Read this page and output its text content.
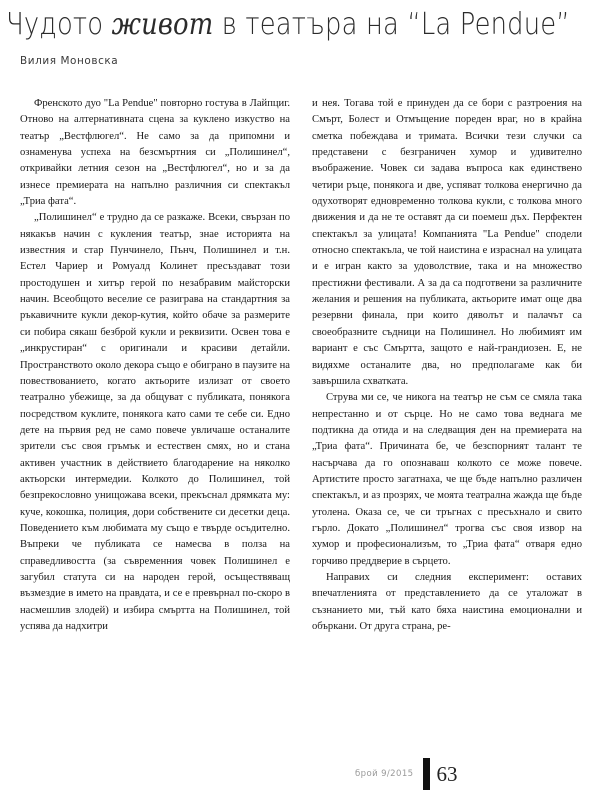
Чудото живот в театъра на “La Pendue”
Вилия Моновска

Френското дуо "La Pendue" повторно гостува в Лайпциг. Отново на алтернативната сцена за куклено изкуство на театър „Вестфлюгел“. Не само за да припомни и ознаменува успеха на безсмъртния си „Полишинел“, откривайки летния сезон на „Вестфлюгел“, но и за да изнесе премиерата на напълно различния си спектакъл „Триа фата“.

„Полишинел“ е трудно да се разкаже. Всеки, свързан по някакъв начин с кукления театър, знае историята на известния и стар Пунчинело, Пънч, Полишинел и т.н. Естел Чариер и Ромуалд Колинет пресъздават този простодушен и хитър герой по незабравим майсторски начин. Всеобщото веселие се разиграва на стандартния за ръкавичните кукли декор-кутия, който обаче за размерите си побира сякаш безброй кукли и реквизити. Освен това е „инкрустиран“ с оригинали и красиви детайли. Пространството около декора също е обиграно в паузите на повествованието, когато актьорите излизат от своето театрално убежище, за да общуват с публиката, понякога посредством куклите, понякога като сами те себе си. Едно дете на първия ред не само повече увличаше останалите зрители със своя гръмък и естествен смях, но и стана активен участник в действието благодарение на няколко актьорски интермедии. Колкото до Полишинел, той безпрекословно унищожава всеки, прекъснал дрямката му: куче, кокошка, полиция, дори собствените си десетки деца. Поведението към любимата му също е твърде осъдително. Въпреки че публиката се намесва в полза на справедливостта (за съвременния човек Полишинел е загубил статута си на народен герой, осъществяващ възмездие в името на правдата, и се е превърнал по-скоро в насмешлив злодей) и избира смъртта на Полишинел, той успява да надхитри

и нея. Тогава той е принуден да се бори с разтроения на Смърт, Болест и Отмъщение пореден враг, но в крайна сметка побеждава и тримата. Всички тези случки са представени с безграничен хумор и удивително въображение. Човек си задава въпроса как единствено четири ръце, понякога и две, успяват толкова енергично да одухотворят едновременно толкова кукли, с толкова много движения и да не те оставят да си поемеш дъх. Перфектен спектакъл за улицата! Компанията "La Pendue" сподели относно спектакъла, че той наистина е израснал на улицата и е игран както за удоволствие, така и на множество престижни фестивали. А за да са подготвени за различните желания и решения на публиката, актьорите имат още два резервни финала, при които дяволът и палачът са своеобразните съдници на Полишинел. Но любимият им вариант е със Смъртта, защото е най-грандиозен. Е, не видяхме останалите два, но предполагаме как би завършила схватката.

Струва ми се, че никога на театър не съм се смяла така непрестанно и от сърце. Но не само това веднага ме подтикна да отида и на следващия ден на премиерата на „Триа фата“. Причината бе, че безспорният талант те насърчава да го опознаваш колкото се може повече. Артистите просто загатнаха, че ще бъде напълно различен спектакъл, и аз прозрях, че моята театрална жажда ще бъде утолена. Оказа се, че си тръгнах с пресъхнало и свито гърло. Докато „Полишинел“ трогва със своя извор на хумор и професионализъм, то „Триа фата“ отваря едно горчиво преддверие в сърцето.

Направих си следния експеримент: оставих впечатленията от представлението да се уталожат в съзнанието ми, тъй като бяха наистина емоционални и объркани. От друга страна, ре-

брой 9/2015 63
